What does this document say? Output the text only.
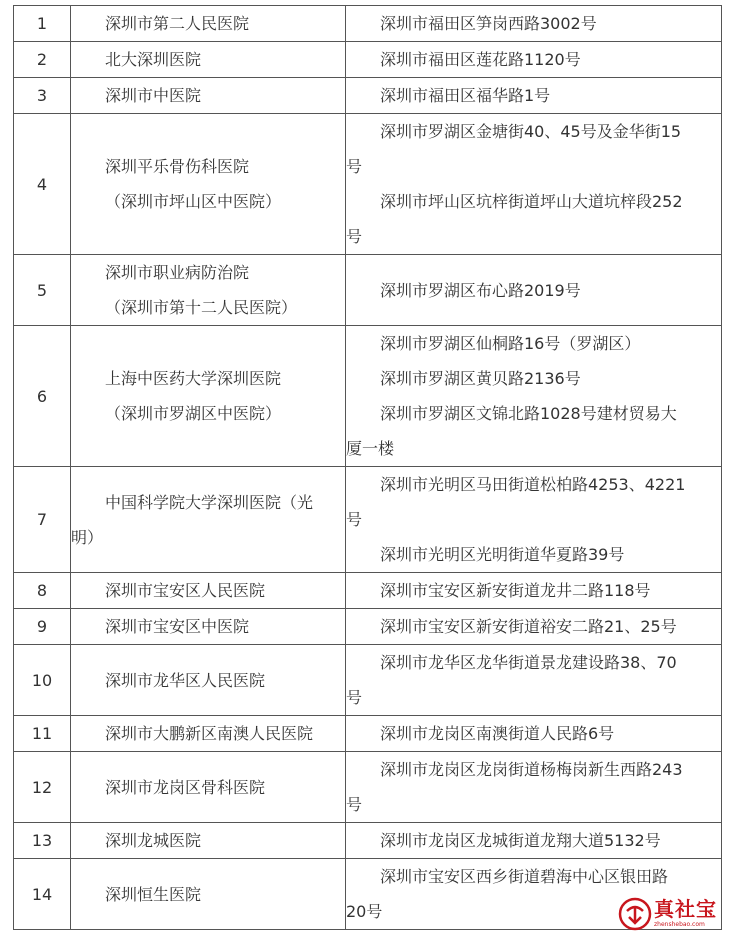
1	深圳市第二人民医院	深圳市福田区笋岗西路3002号

2	北大深圳医院	深圳市福田区莲花路1120号

3	深圳市中医院	深圳市福田区福华路1号

4	深圳平乐骨伤科医院
（深圳市坪山区中医院）	深圳市罗湖区金塘街40、45号及金华街15
号
深圳市坪山区坑梓街道坪山大道坑梓段252
号

5	深圳市职业病防治院
（深圳市第十二人民医院）	深圳市罗湖区布心路2019号

6	上海中医药大学深圳医院
（深圳市罗湖区中医院）	深圳市罗湖区仙桐路16号（罗湖区）
深圳市罗湖区黄贝路2136号
深圳市罗湖区文锦北路1028号建材贸易大
厦一楼

7	中国科学院大学深圳医院（光
明）	深圳市光明区马田街道松柏路4253、4221
号
深圳市光明区光明街道华夏路39号

8	深圳市宝安区人民医院	深圳市宝安区新安街道龙井二路118号

9	深圳市宝安区中医院	深圳市宝安区新安街道裕安二路21、25号

10	深圳市龙华区人民医院	深圳市龙华区龙华街道景龙建设路38、70
号

11	深圳市大鹏新区南澳人民医院	深圳市龙岗区南澳街道人民路6号

12	深圳市龙岗区骨科医院	深圳市龙岗区龙岗街道杨梅岗新生西路243
号

13	深圳龙城医院	深圳市龙岗区龙城街道龙翔大道5132号

14	深圳恒生医院	深圳市宝安区西乡街道碧海中心区银田路
20号	真社宝
zhenshebao.com
